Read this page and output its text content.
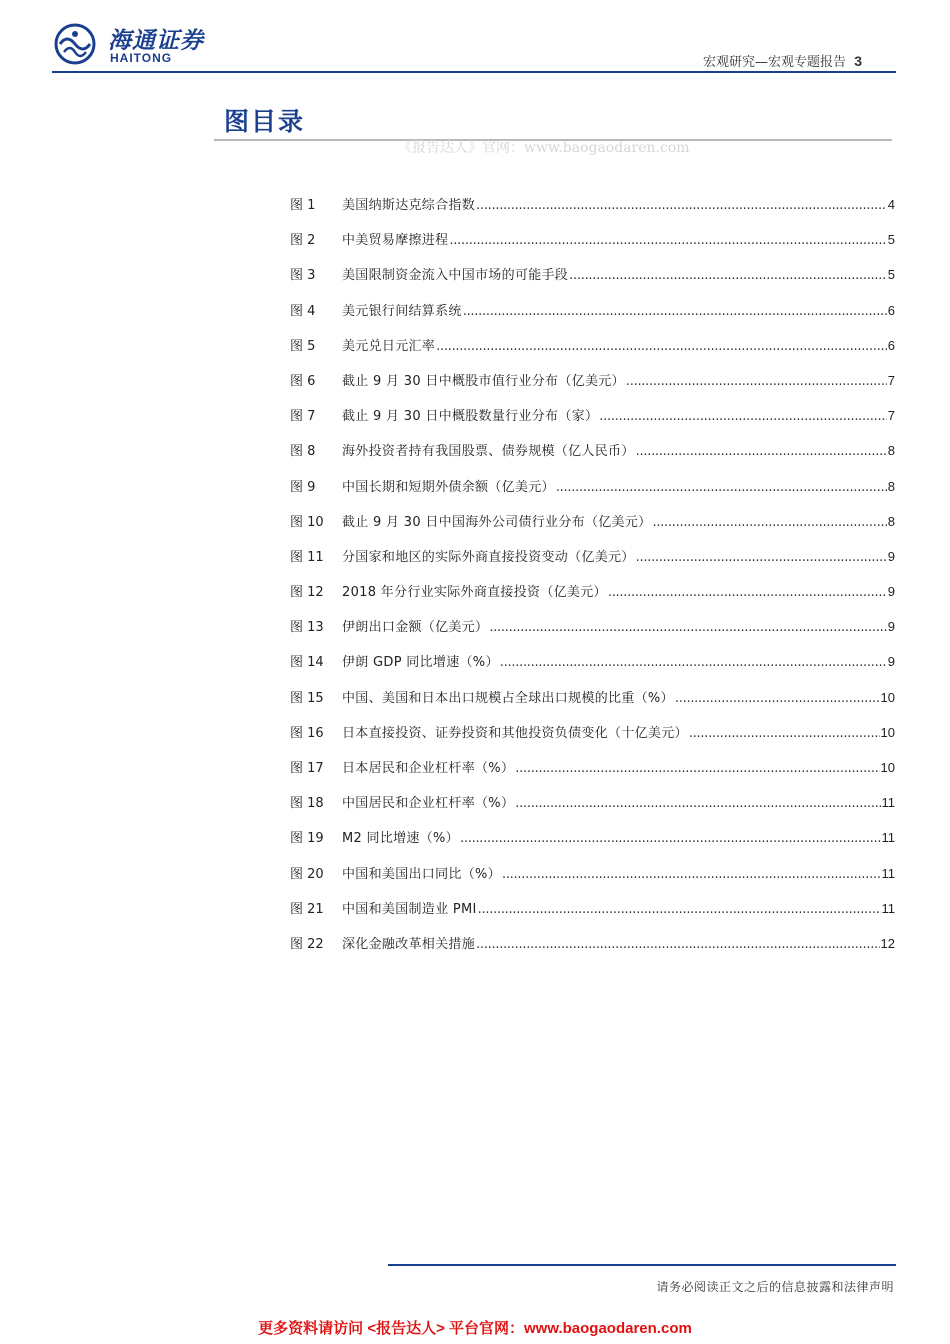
海通证券
HAITONG	宏观研究—宏观专题报告 3
图目录
《报告达人》官网：www.baogaodaren.com
图 1	美国纳斯达克综合指数 . . .	4
图 2	中美贸易摩擦进程 . . .	5
图 3	美国限制资金流入中国市场的可能手段 . . .	5
图 4	美元银行间结算系统 . . .	6
图 5	美元兑日元汇率 . . .	6
图 6	截止 9 月 30 日中概股市值行业分布（亿美元） . . .	7
图 7	截止 9 月 30 日中概股数量行业分布（家） . . .	7
图 8	海外投资者持有我国股票、债券规模（亿人民币） . . .	8
图 9	中国长期和短期外债余额（亿美元） . . .	8
图 10	截止 9 月 30 日中国海外公司债行业分布（亿美元） . . .	8
图 11	分国家和地区的实际外商直接投资变动（亿美元） . . .	9
图 12	2018 年分行业实际外商直接投资（亿美元） . . .	9
图 13	伊朗出口金额（亿美元） . . .	9
图 14	伊朗 GDP 同比增速（%） . . .	9
图 15	中国、美国和日本出口规模占全球出口规模的比重（%） . . .	10
图 16	日本直接投资、证券投资和其他投资负债变化（十亿美元） . . .	10
图 17	日本居民和企业杠杆率（%） . . .	10
图 18	中国居民和企业杠杆率（%） . . .	11
图 19	M2 同比增速（%） . . .	11
图 20	中国和美国出口同比（%） . . .	11
图 21	中国和美国制造业 PMI . . .	11
图 22	深化金融改革相关措施 . . .	12
请务必阅读正文之后的信息披露和法律声明
更多资料请访问 <报告达人> 平台官网：www.baogaodaren.com
